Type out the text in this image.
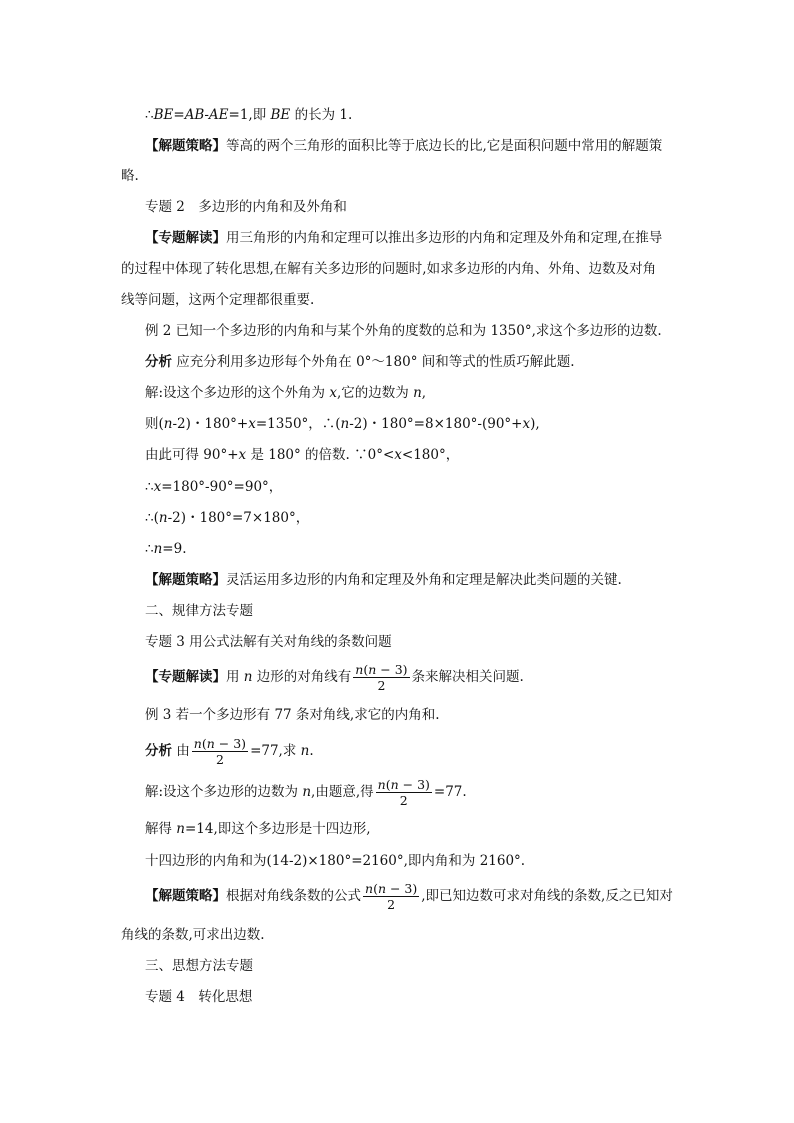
∴BE=AB-AE=1,即 BE 的长为 1.
【解题策略】等高的两个三角形的面积比等于底边长的比,它是面积问题中常用的解题策
略.
专题 2　多边形的内角和及外角和
【专题解读】用三角形的内角和定理可以推出多边形的内角和定理及外角和定理,在推导
的过程中体现了转化思想,在解有关多边形的问题时,如求多边形的内角、外角、边数及对角
线等问题，这两个定理都很重要.
例 2 已知一个多边形的内角和与某个外角的度数的总和为 1350°,求这个多边形的边数.
分析 应充分利用多边形每个外角在 0°～180° 间和等式的性质巧解此题.
解:设这个多边形的这个外角为 x,它的边数为 n,
则(n-2)・180°+x=1350°，∴(n-2)・180°=8×180°-(90°+x),
由此可得 90°+x 是 180° 的倍数. ∵0°<x<180°，
∴x=180°-90°=90°，
∴(n-2)・180°=7×180°，
∴n=9.
【解题策略】灵活运用多边形的内角和定理及外角和定理是解决此类问题的关键.
二、规律方法专题
专题 3 用公式法解有关对角线的条数问题
【专题解读】用 n 边形的对角线有 $\frac{n(n - 3)}{2}$ 条来解决相关问题.
例 3 若一个多边形有 77 条对角线,求它的内角和.
分析 由 $\frac{n(n - 3)}{2} =77$,求 n.
解:设这个多边形的边数为 n,由题意,得 $\frac{n(n - 3)}{2} =77$.
解得 n=14,即这个多边形是十四边形,
十四边形的内角和为(14-2)×180°=2160°,即内角和为 2160°.
【解题策略】根据对角线条数的公式 $\frac{n(n - 3)}{2}$ ,即已知边数可求对角线的条数,反之已知对
角线的条数,可求出边数.
三、思想方法专题
专题 4　转化思想
